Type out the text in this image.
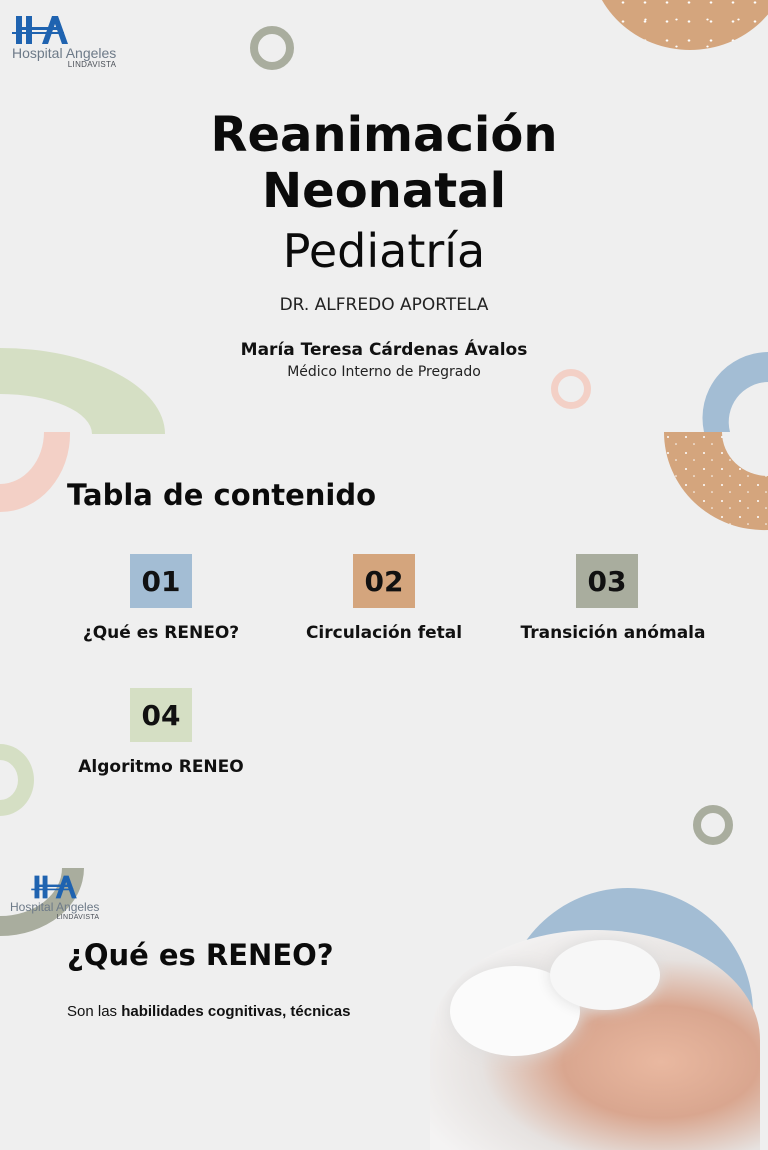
Hospital Angeles
LINDAVISTA
Reanimación
Neonatal
Pediatría
DR. ALFREDO APORTELA
María Teresa Cárdenas Ávalos
Médico Interno de Pregrado
Tabla de contenido
01
¿Qué es RENEO?
02
Circulación fetal
03
Transición anómala
04
Algoritmo RENEO
Hospital Angeles
LINDAVISTA
¿Qué es RENEO?
Son las habilidades cognitivas, técnicas
